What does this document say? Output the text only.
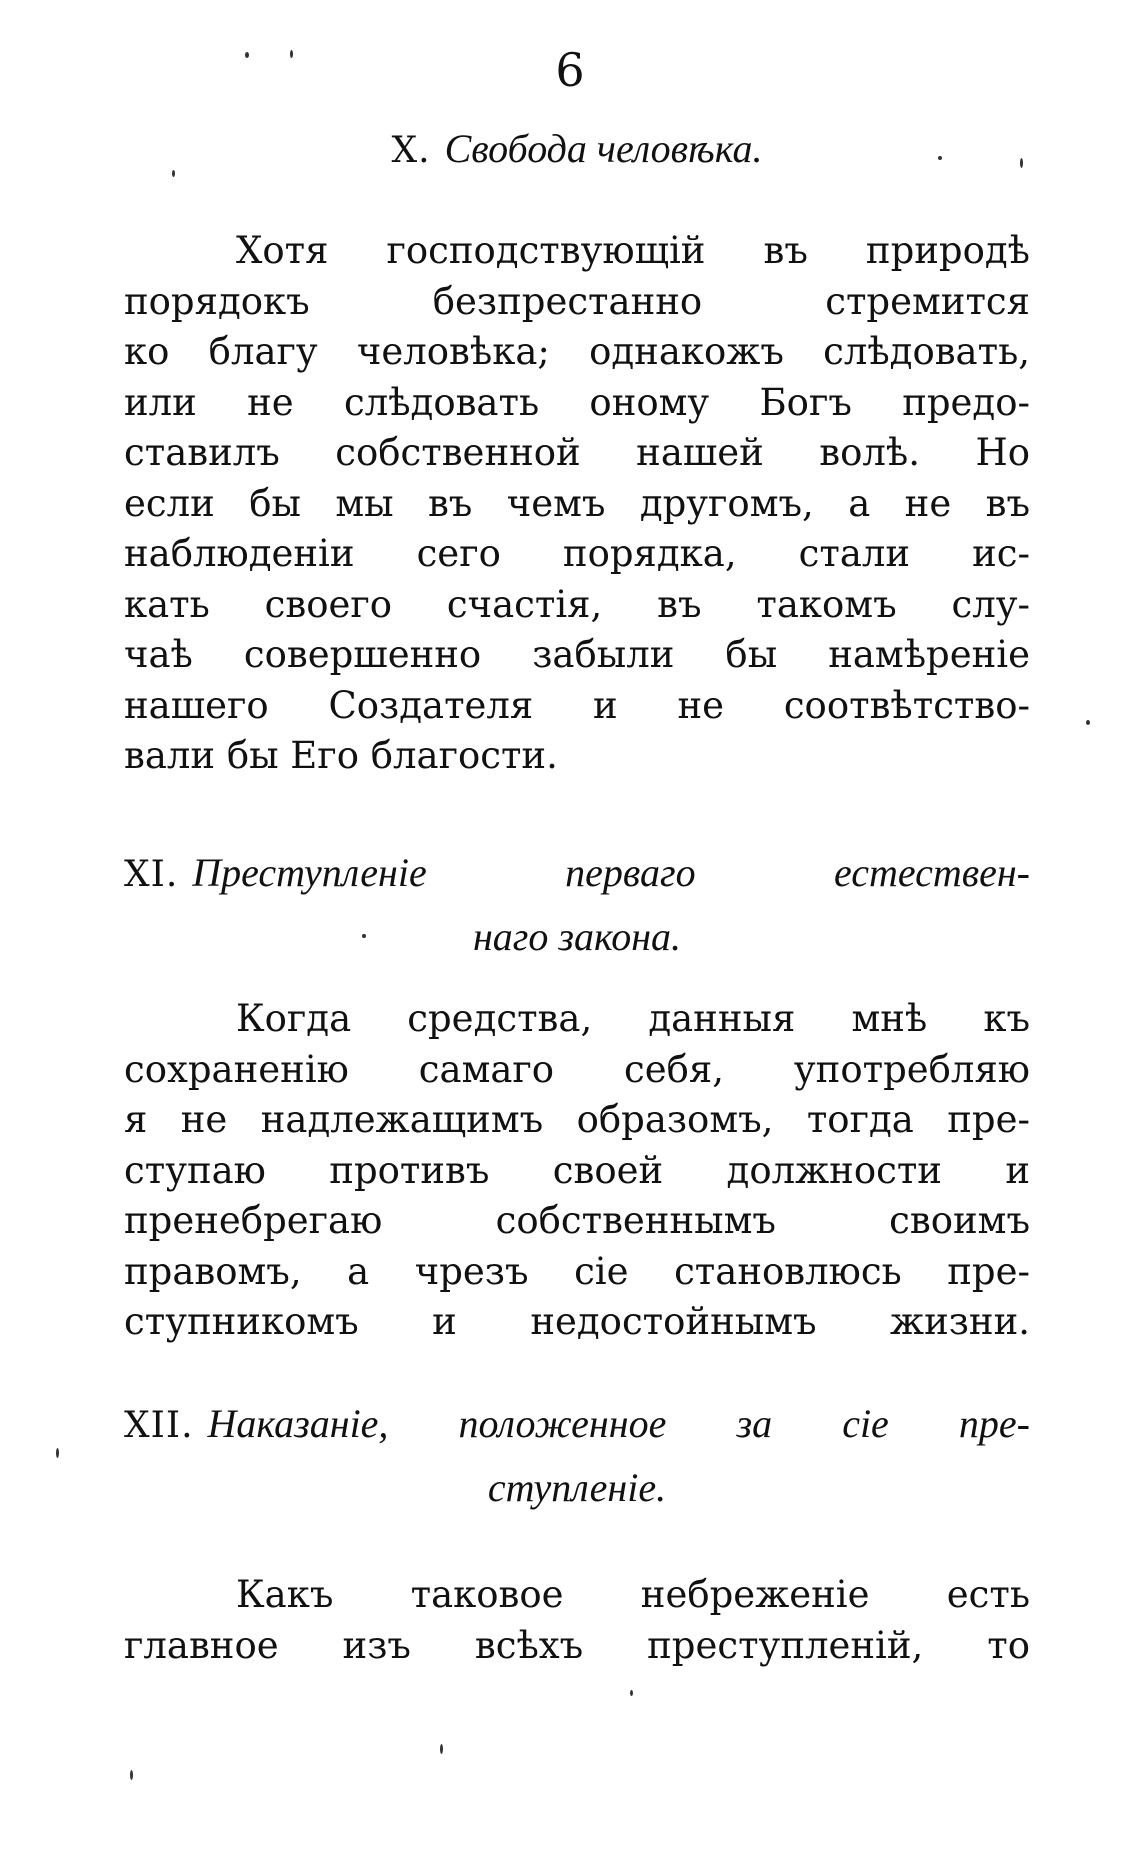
6
X. Свобода человѣка.
Хотя господствующій въ природѣ
порядокъ безпрестанно стремится
ко благу человѣка; однакожъ слѣдовать,
или не слѣдовать оному Богъ предо-
ставилъ собственной нашей волѣ. Но
если бы мы въ чемъ другомъ, а не въ
наблюденіи сего порядка, стали ис-
кать своего счастія, въ такомъ слу-
чаѣ совершенно забыли бы намѣреніе
нашего Создателя и не соотвѣтство-
вали бы Его благости.
XI. Преступленіе перваго естествен-
наго закона.
Когда средства, данныя мнѣ къ
сохраненію самаго себя, употребляю
я не надлежащимъ образомъ, тогда пре-
ступаю противъ своей должности и
пренебрегаю собственнымъ своимъ
правомъ, а чрезъ сіе становлюсь пре-
ступникомъ и недостойнымъ жизни.
XII. Наказаніе, положенное за сіе пре-
ступленіе.
Какъ таковое небреженіе есть
главное изъ всѣхъ преступленій, то
